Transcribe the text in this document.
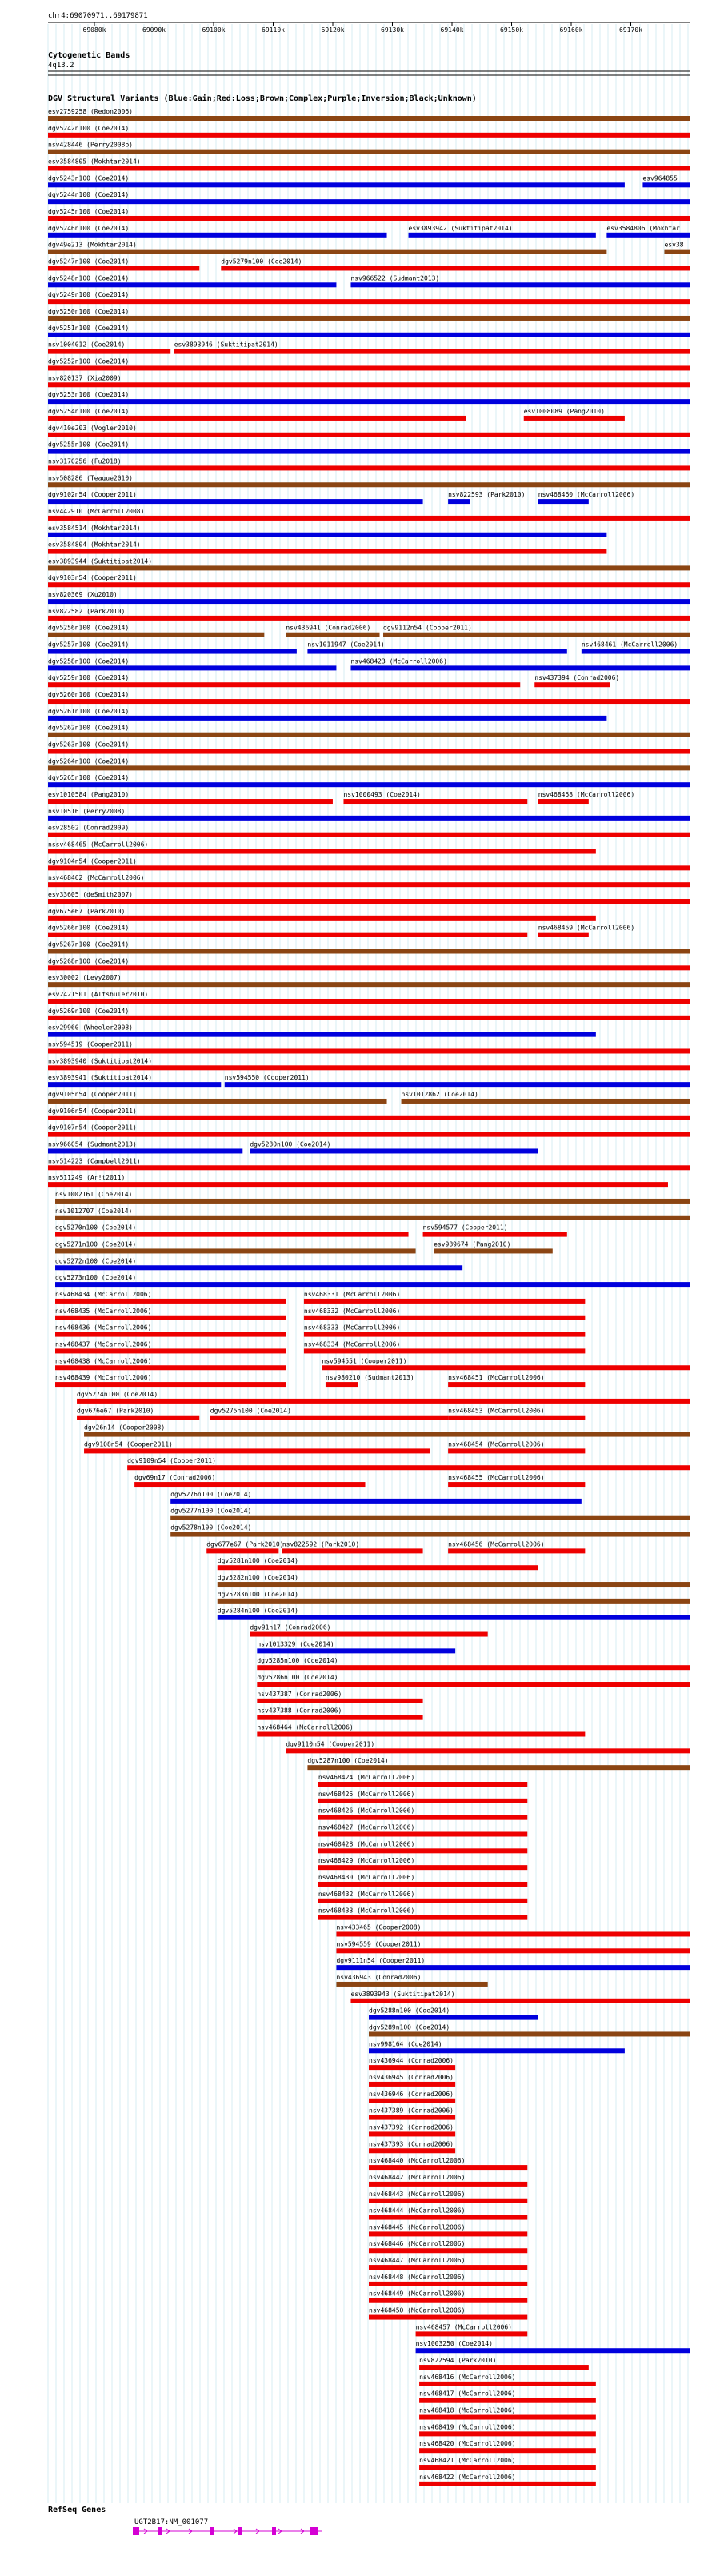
chr4:69070971..69179871
69080k	69090k	69100k	69110k	69120k	69130k	69140k	69150k	69160k	69170k
Cytogenetic Bands
4q13.2
DGV Structural Variants (Blue:Gain;Red:Loss;Brown;Complex;Purple;Inversion;Black;Unknown)
esv2759258 (Redon2006)
dgv5242n100 (Coe2014)
nsv428446 (Perry2008b)
esv3584805 (Mokhtar2014)
dgv5243n100 (Coe2014)	esv964855
dgv5244n100 (Coe2014)
dgv5245n100 (Coe2014)
dgv5246n100 (Coe2014)	esv3893942 (Suktitipat2014)	esv3584806 (Mokhtar
dgv49e213 (Mokhtar2014)	esv38
dgv5247n100 (Coe2014)	dgv5279n100 (Coe2014)
dgv5248n100 (Coe2014)	nsv966522 (Sudmant2013)
dgv5249n100 (Coe2014)
dgv5250n100 (Coe2014)
dgv5251n100 (Coe2014)
nsv1004012 (Coe2014)	esv3893946 (Suktitipat2014)
dgv5252n100 (Coe2014)
nsv820137 (Xia2009)
dgv5253n100 (Coe2014)
dgv5254n100 (Coe2014)	esv1008089 (Pang2010)
dgv410e203 (Vogler2010)
dgv5255n100 (Coe2014)
nsv3170256 (Fu2018)
nsv508286 (Teague2010)
dgv9102n54 (Cooper2011)	nsv822593 (Park2010) nsv468460 (McCarroll2006)
nsv442910 (McCarroll2008)
esv3584514 (Mokhtar2014)
esv3584804 (Mokhtar2014)
esv3893944 (Suktitipat2014)
dgv9103n54 (Cooper2011)
nsv820369 (Xu2010)
nsv822582 (Park2010)
dgv5256n100 (Coe2014)	nsv436941 (Conrad2006) dgv9112n54 (Cooper2011)
dgv5257n100 (Coe2014)	nsv1011947 (Coe2014)	nsv468461 (McCarroll2006)
dgv5258n100 (Coe2014)	nsv468423 (McCarroll2006)
dgv5259n100 (Coe2014)	nsv437394 (Conrad2006)
dgv5260n100 (Coe2014)
dgv5261n100 (Coe2014)
dgv5262n100 (Coe2014)
dgv5263n100 (Coe2014)
dgv5264n100 (Coe2014)
dgv5265n100 (Coe2014)
esv1010584 (Pang2010)	nsv1000493 (Coe2014)	nsv468458 (McCarroll2006)
nsv10516 (Perry2008)
esv28502 (Conrad2009)
nssv468465 (McCarroll2006)
dgv9104n54 (Cooper2011)
nsv468462 (McCarroll2006)
esv33605 (deSmith2007)
dgv675e67 (Park2010)
dgv5266n100 (Coe2014)	nsv468459 (McCarroll2006)
dgv5267n100 (Coe2014)
dgv5268n100 (Coe2014)
esv30002 (Levy2007)
esv2421501 (Altshuler2010)
dgv5269n100 (Coe2014)
esv29960 (Wheeler2008)
nsv594519 (Cooper2011)
nsv3893940 (Suktitipat2014)
esv3893941 (Suktitipat2014)	nsv594550 (Cooper2011)
dgv9105n54 (Cooper2011)	nsv1012862 (Coe2014)
dgv9106n54 (Cooper2011)
dgv9107n54 (Cooper2011)
nsv966054 (Sudmant2013)	dgv5280n100 (Coe2014)
nsv514223 (Campbell2011)
nsv511249 (Ar!t2011)
nsv1002161 (Coe2014)
nsv1012707 (Coe2014)
dgv5270n100 (Coe2014)	nsv594577 (Cooper2011)
dgv5271n100 (Coe2014)	esv989674 (Pang2010)
dgv5272n100 (Coe2014)
dgv5273n100 (Coe2014)
nsv468434 (McCarroll2006)	nsv468331 (McCarroll2006)
nsv468435 (McCarroll2006)	nsv468332 (McCarroll2006)
nsv468436 (McCarroll2006)	nsv468333 (McCarroll2006)
nsv468437 (McCarroll2006)	nsv468334 (McCarroll2006)
nsv468438 (McCarroll2006)	nsv594551 (Cooper2011)
nsv468439 (McCarroll2006)	nsv980210 (Sudmant2013)	nsv468451 (McCarroll2006)
dgv5274n100 (Coe2014)
dgv676e67 (Park2010)	dgv5275n100 (Coe2014)	nsv468453 (McCarroll2006)
dgv26n14 (Cooper2008)
dgv9108n54 (Cooper2011)	nsv468454 (McCarroll2006)
dgv9109n54 (Cooper2011)
dgv69n17 (Conrad2006)	nsv468455 (McCarroll2006)
dgv5276n100 (Coe2014)
dgv5277n100 (Coe2014)
dgv5278n100 (Coe2014)
dgv677e67 (Park2010)
nsv822592 (Park2010)	nsv468456 (McCarroll2006)
dgv5281n100 (Coe2014)
dgv5282n100 (Coe2014)
dgv5283n100 (Coe2014)
dgv5284n100 (Coe2014)
dgv91n17 (Conrad2006)
nsv1013329 (Coe2014)
dgv5285n100 (Coe2014)
dgv5286n100 (Coe2014)
nsv437387 (Conrad2006)
nsv437388 (Conrad2006)
nsv468464 (McCarroll2006)
dgv9110n54 (Cooper2011)
dgv5287n100 (Coe2014)
nsv468424 (McCarroll2006)
nsv468425 (McCarroll2006)
nsv468426 (McCarroll2006)
nsv468427 (McCarroll2006)
nsv468428 (McCarroll2006)
nsv468429 (McCarroll2006)
nsv468430 (McCarroll2006)
nsv468432 (McCarroll2006)
nsv468433 (McCarroll2006)
nsv433465 (Cooper2008)
nsv594559 (Cooper2011)
dgv9111n54 (Cooper2011)
nsv436943 (Conrad2006)
esv3893943 (Suktitipat2014)
dgv5288n100 (Coe2014)
dgv5289n100 (Coe2014)
nsv998164 (Coe2014)
nsv436944 (Conrad2006)
nsv436945 (Conrad2006)
nsv436946 (Conrad2006)
nsv437389 (Conrad2006)
nsv437392 (Conrad2006)
nsv437393 (Conrad2006)
nsv468440 (McCarroll2006)
nsv468442 (McCarroll2006)
nsv468443 (McCarroll2006)
nsv468444 (McCarroll2006)
nsv468445 (McCarroll2006)
nsv468446 (McCarroll2006)
nsv468447 (McCarroll2006)
nsv468448 (McCarroll2006)
nsv468449 (McCarroll2006)
nsv468450 (McCarroll2006)
nsv468457 (McCarroll2006)
nsv1003250 (Coe2014)
nsv822594 (Park2010)
nsv468416 (McCarroll2006)
nsv468417 (McCarroll2006)
nsv468418 (McCarroll2006)
nsv468419 (McCarroll2006)
nsv468420 (McCarroll2006)
nsv468421 (McCarroll2006)
nsv468422 (McCarroll2006)
RefSeq Genes
UGT2B17:NM_001077
